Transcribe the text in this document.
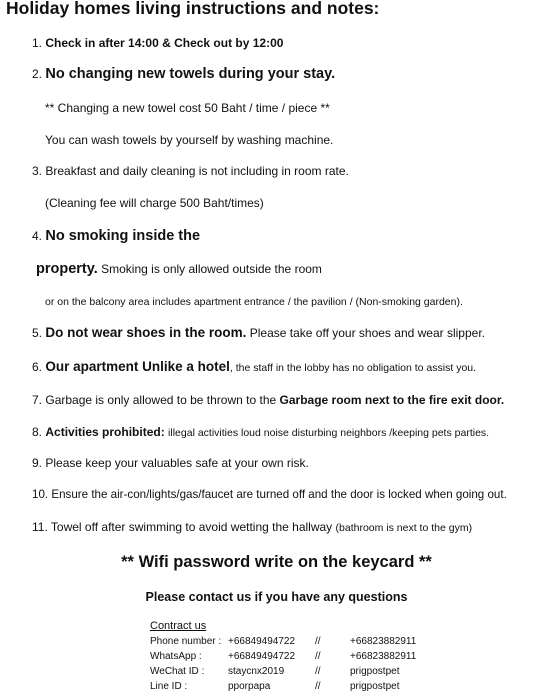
Holiday homes living instructions and notes:
1. Check in after 14:00 & Check out by 12:00
2. No changing new towels during your stay.
** Changing a new towel cost 50 Baht / time / piece **
You can wash towels by yourself by washing machine.
3. Breakfast and daily cleaning is not including in room rate.
(Cleaning fee will charge 500 Baht/times)
4. No smoking inside the
property. Smoking is only allowed outside the room
or on the balcony area includes apartment entrance / the pavilion / (Non-smoking garden).
5. Do not wear shoes in the room. Please take off your shoes and wear slipper.
6. Our apartment Unlike a hotel, the staff in the lobby has no obligation to assist you.
7. Garbage is only allowed to be thrown to the Garbage room next to the fire exit door.
8. Activities prohibited: illegal activities loud noise disturbing neighbors /keeping pets parties.
9. Please keep your valuables safe at your own risk.
10. Ensure the air-con/lights/gas/faucet are turned off and the door is locked when going out.
11. Towel off after swimming to avoid wetting the hallway (bathroom is next to the gym)
** Wifi password write on the keycard **
Please contact us if you have any questions
Contract us
Phone number : +66849494722 //	+66823882911
WhatsApp :	+66849494722 //	+66823882911
WeChat ID : staycnx2019	//	prigpostpet
Line ID :	pporpapa	//	prigpostpet
